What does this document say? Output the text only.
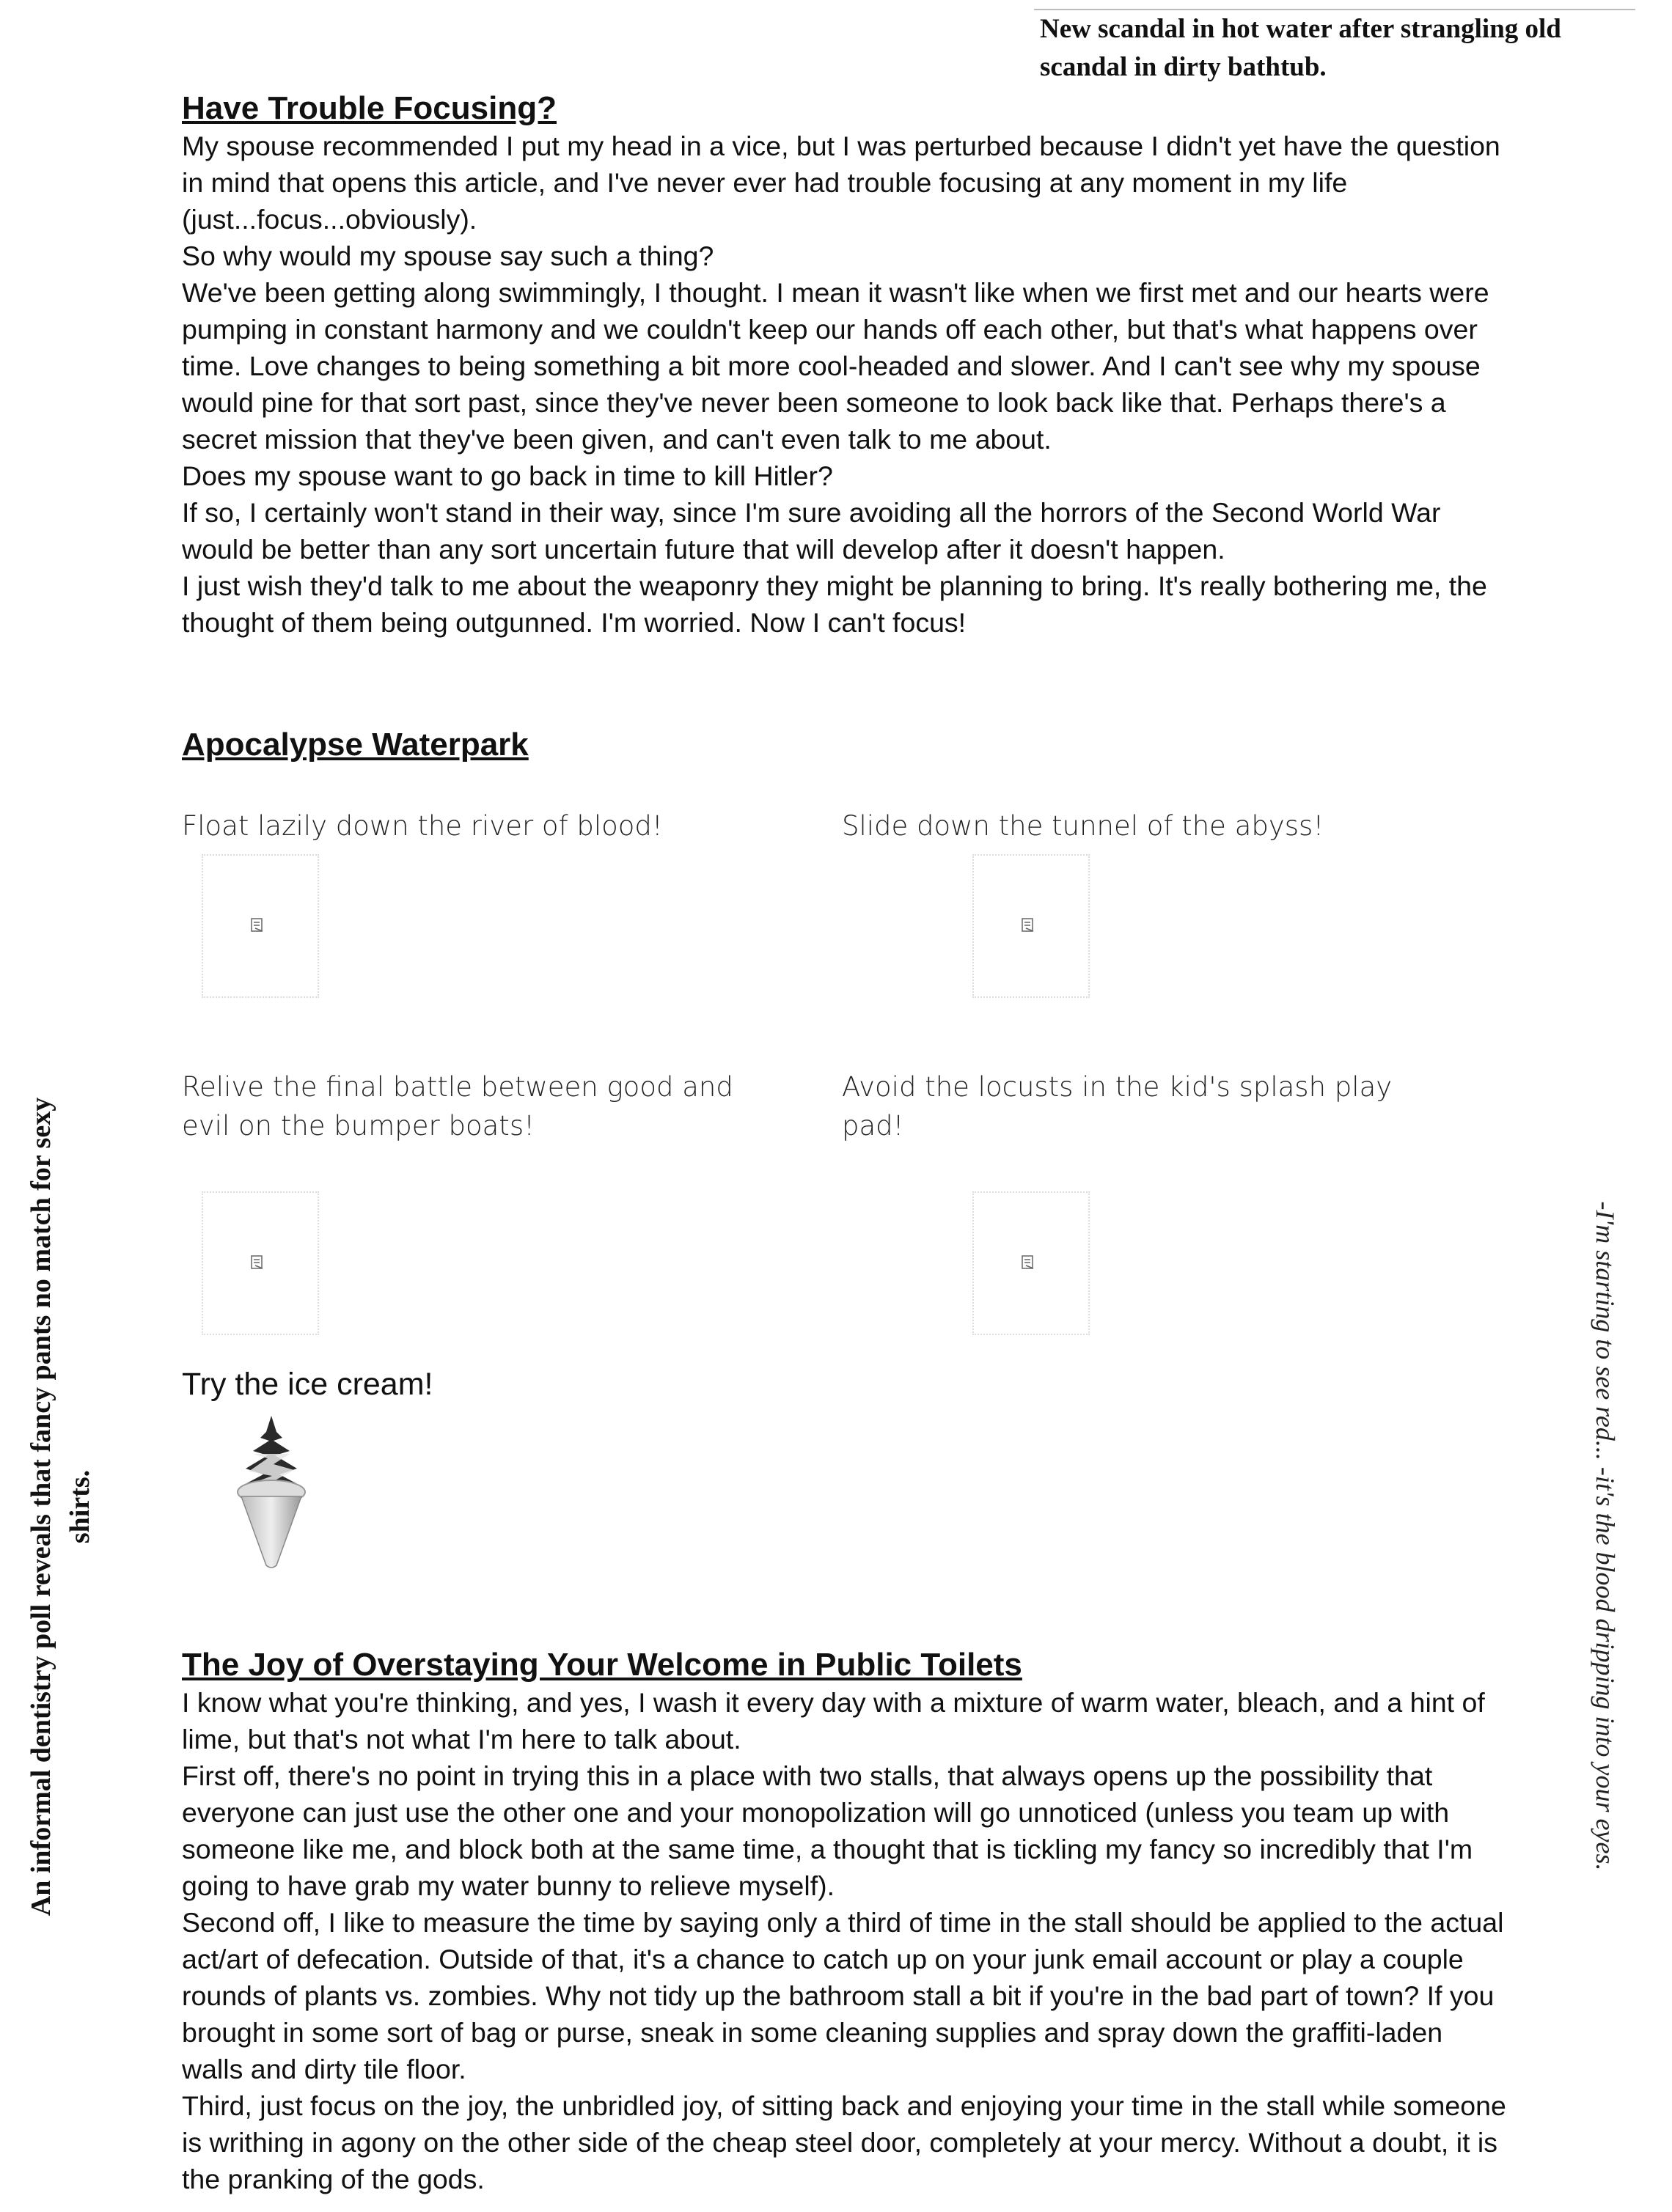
New scandal in hot water after strangling old scandal in dirty bathtub.
An informal dentistry poll reveals that fancy pants no match for sexy shirts.	-I'm starting to see red... -it's the blood dripping into your eyes.
Have Trouble Focusing?

My spouse recommended I put my head in a vice, but I was perturbed because I didn't yet have the question in mind that opens this article, and I've never ever had trouble focusing at any moment in my life (just...focus...obviously).

So why would my spouse say such a thing?

We've been getting along swimmingly, I thought. I mean it wasn't like when we first met and our hearts were pumping in constant harmony and we couldn't keep our hands off each other, but that's what happens over time. Love changes to being something a bit more cool-headed and slower. And I can't see why my spouse would pine for that sort past, since they've never been someone to look back like that. Perhaps there's a secret mission that they've been given, and can't even talk to me about.

Does my spouse want to go back in time to kill Hitler?

If so, I certainly won't stand in their way, since I'm sure avoiding all the horrors of the Second World War would be better than any sort uncertain future that will develop after it doesn't happen.

I just wish they'd talk to me about the weaponry they might be planning to bring. It's really bothering me, the thought of them being outgunned. I'm worried. Now I can't focus!

Apocalypse Waterpark
Float lazily down the river of blood!	Slide down the tunnel of the abyss!
Relive the final battle between good and evil on the bumper boats!
Avoid the locusts in the kid's splash play pad!
Try the ice cream!
The Joy of Overstaying Your Welcome in Public Toilets

I know what you're thinking, and yes, I wash it every day with a mixture of warm water, bleach, and a hint of lime, but that's not what I'm here to talk about.

First off, there's no point in trying this in a place with two stalls, that always opens up the possibility that everyone can just use the other one and your monopolization will go unnoticed (unless you team up with someone like me, and block both at the same time, a thought that is tickling my fancy so incredibly that I'm going to have grab my water bunny to relieve myself).

Second off, I like to measure the time by saying only a third of time in the stall should be applied to the actual act/art of defecation. Outside of that, it's a chance to catch up on your junk email account or play a couple rounds of plants vs. zombies. Why not tidy up the bathroom stall a bit if you're in the bad part of town? If you brought in some sort of bag or purse, sneak in some cleaning supplies and spray down the graffiti-laden walls and dirty tile floor.

Third, just focus on the joy, the unbridled joy, of sitting back and enjoying your time in the stall while someone is writhing in agony on the other side of the cheap steel door, completely at your mercy. Without a doubt, it is the pranking of the gods.
